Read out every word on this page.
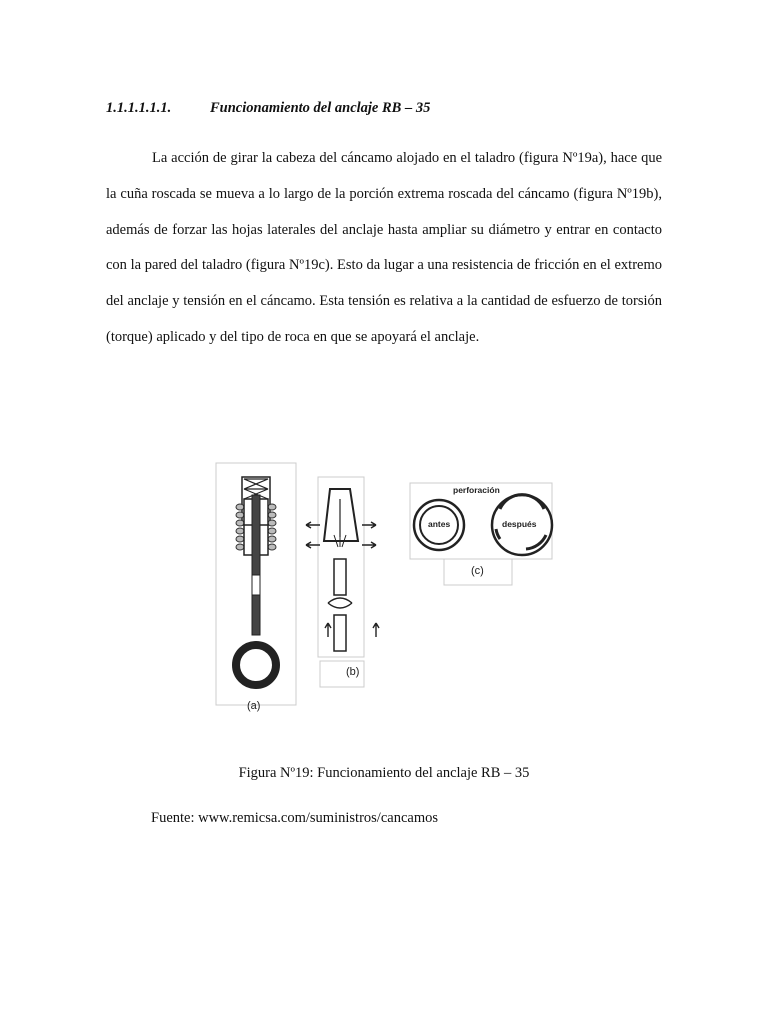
1.1.1.1.1.1.	Funcionamiento del anclaje RB – 35

La acción de girar la cabeza del cáncamo alojado en el taladro (figura Nº19a), hace que la cuña roscada se mueva a lo largo de la porción extrema roscada del cáncamo (figura Nº19b), además de forzar las hojas laterales del anclaje hasta ampliar su diámetro y entrar en contacto con la pared del taladro (figura Nº19c). Esto da lugar a una resistencia de fricción en el extremo del anclaje y tensión en el cáncamo. Esta tensión es relativa a la cantidad de esfuerzo de torsión (torque) aplicado y del tipo de roca en que se apoyará el anclaje.

(a)
(b)
(c)
perforación
antes	después
Figura Nº19: Funcionamiento del anclaje RB – 35
Fuente: www.remicsa.com/suministros/cancamos
